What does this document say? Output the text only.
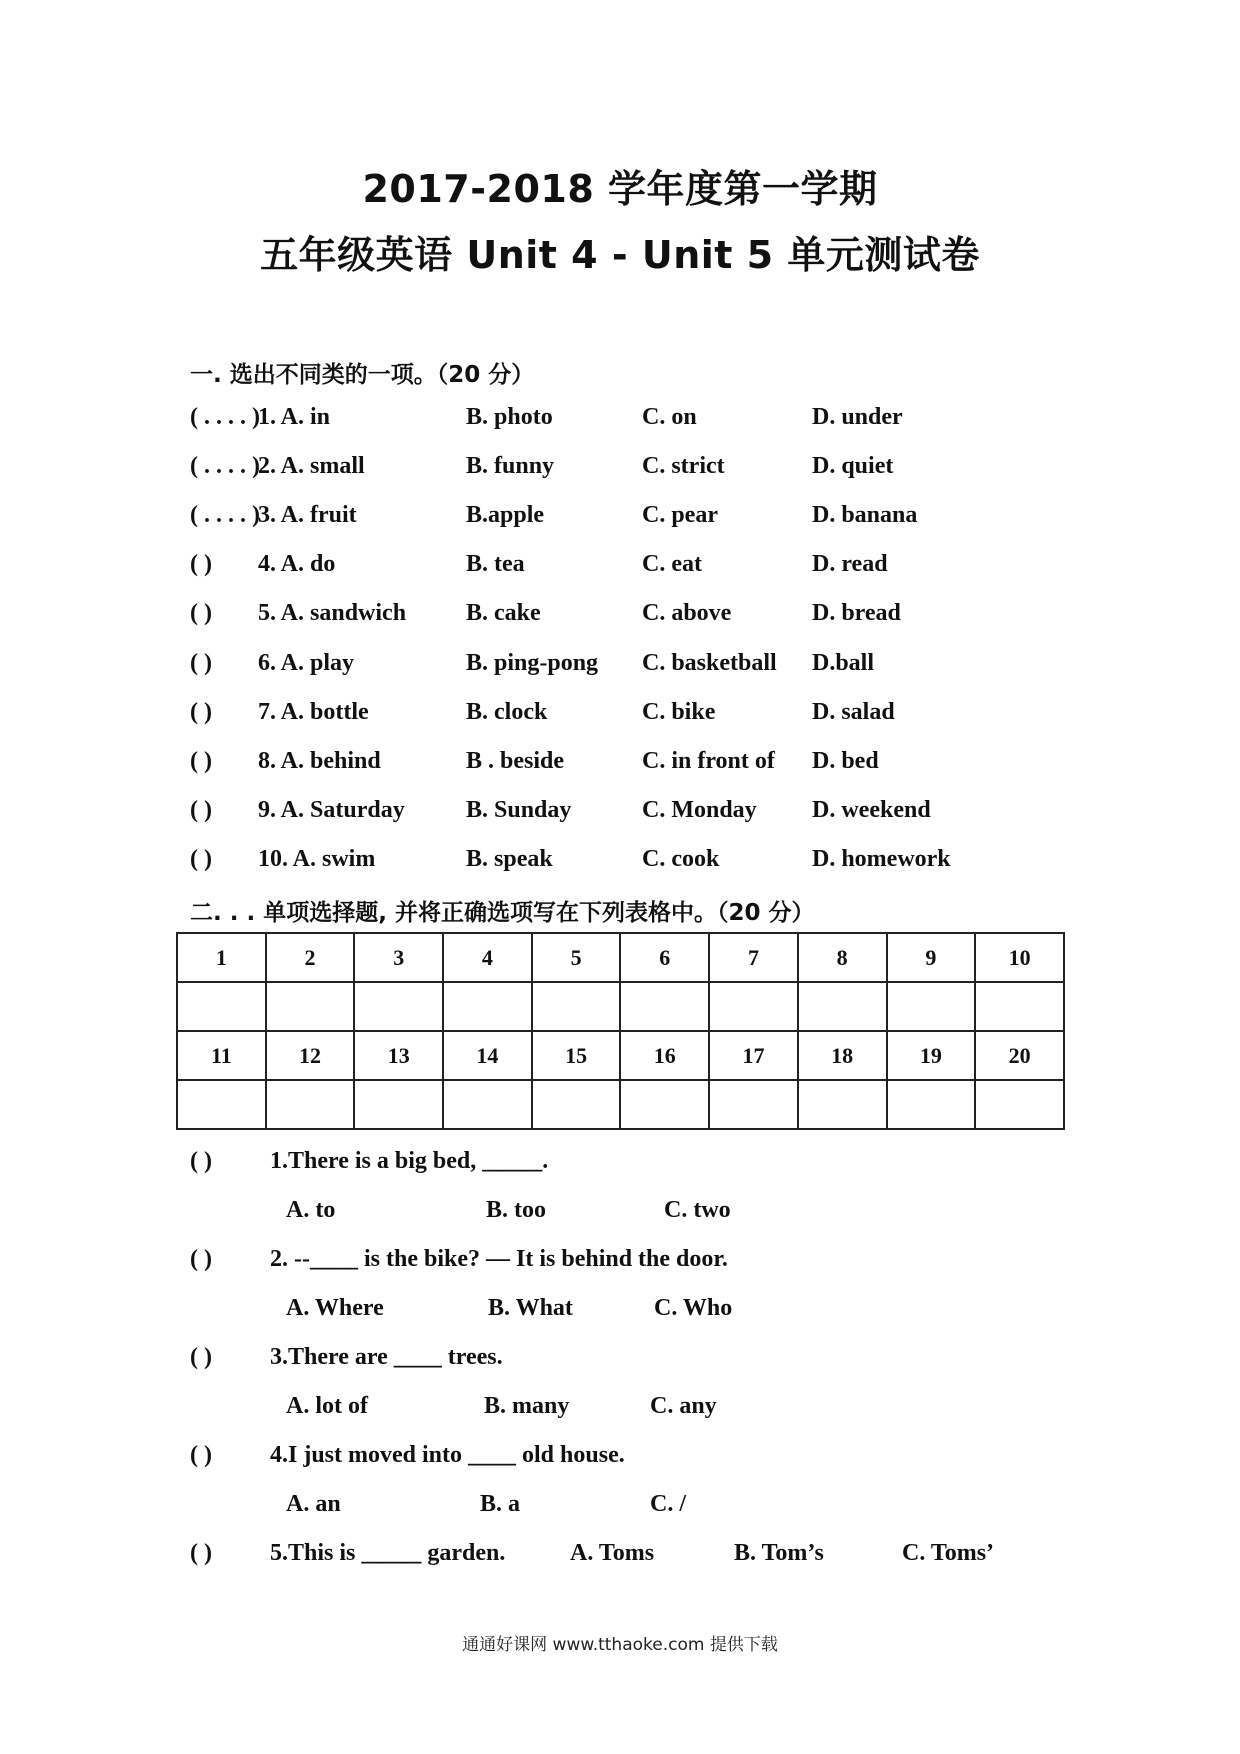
2017-2018 学年度第一学期
五年级英语 Unit 4 - Unit 5 单元测试卷
一. 选出不同类的一项。（20 分）
( . . . . )
1. A. in	B. photo	C. on	D. under
( . . . . )
2. A. small	B. funny	C. strict	D. quiet
( . . . . )
3. A. fruit	B.apple	C. pear	D. banana
( ) 4. A. do	B. tea	C. eat	D. read
( ) 5. A. sandwich B. cake	C. above	D. bread
( ) 6. A. play	B. ping-pong C. basketball D.ball
( ) 7. A. bottle	B. clock	C. bike	D. salad
( ) 8. A. behind	B . beside	C. in front of D. bed
( ) 9. A. Saturday	B. Sunday	C. Monday D. weekend
( ) 10. A. swim	B. speak	C. cook	D. homework
二. . . 单项选择题, 并将正确选项写在下列表格中。（20 分）
1	2	3	4	5	6	7	8	9	10

11	12	13	14	15	16	17	18	19	20

( ) 1.There is a big bed, _____.
A. to	B. too	C. two
( ) 2. --____ is the bike? — It is behind the door.
A. Where	B. What	C. Who
( ) 3.There are ____ trees.
A. lot of	B. many	C. any
( ) 4.I just moved into ____ old house.
A. an	B. a	C. /
( ) 5.This is _____ garden.	A. Toms	B. Tom’s	C. Toms’
通通好课网 www.tthaoke.com 提供下载
